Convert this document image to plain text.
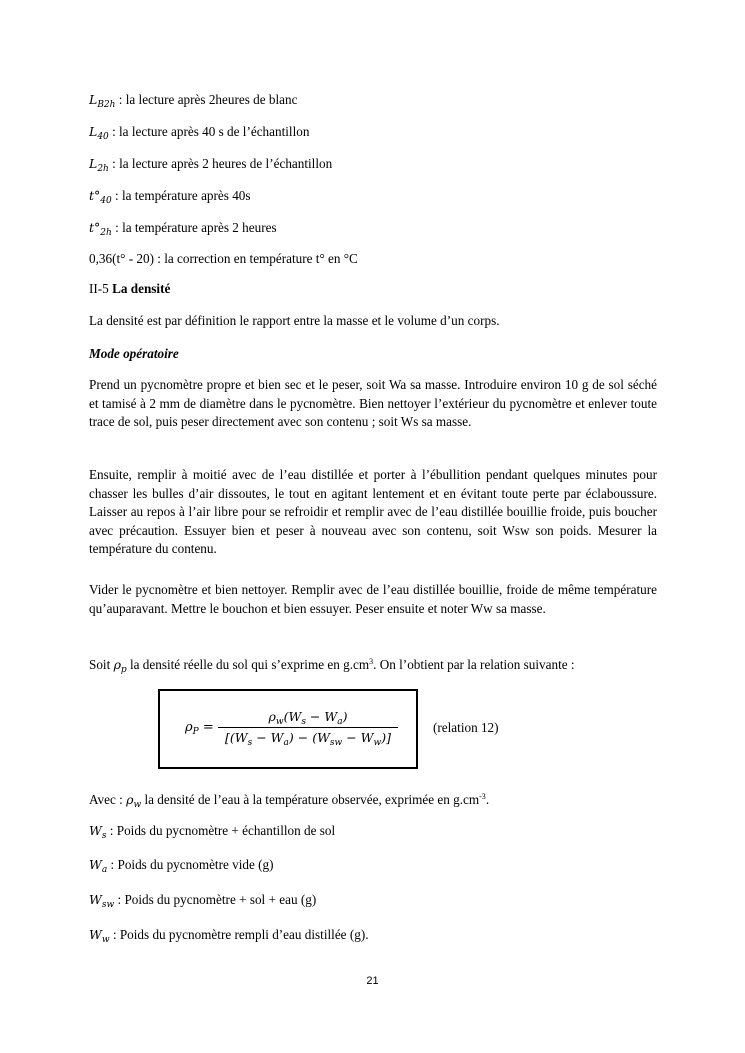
$L_{B2h}$ : la lecture après 2heures de blanc
$L_{40}$ : la lecture après 40 s de l’échantillon
$L_{2h}$ : la lecture après 2 heures de l’échantillon
$t^\circ_{40}$ : la température après 40s
$t^\circ_{2h}$ : la température après 2 heures
0,36(t° - 20) : la correction en température t° en °C
II-5 La densité
La densité est par définition le rapport entre la masse et le volume d’un corps.
Mode opératoire
Prend un pycnomètre propre et bien sec et le peser, soit Wa sa masse. Introduire environ 10 g de sol séché et tamisé à 2 mm de diamètre dans le pycnomètre. Bien nettoyer l’extérieur du pycnomètre et enlever toute trace de sol, puis peser directement avec son contenu ; soit Ws sa masse.
Ensuite, remplir à moitié avec de l’eau distillée et porter à l’ébullition pendant quelques minutes pour chasser les bulles d’air dissoutes, le tout en agitant lentement et en évitant toute perte par éclaboussure. Laisser au repos à l’air libre pour se refroidir et remplir avec de l’eau distillée bouillie froide, puis boucher avec précaution. Essuyer bien et peser à nouveau avec son contenu, soit Wsw son poids. Mesurer la température du contenu.
Vider le pycnomètre et bien nettoyer. Remplir avec de l’eau distillée bouillie, froide de même température qu’auparavant. Mettre le bouchon et bien essuyer. Peser ensuite et noter Ww sa masse.
Soit $\rho_p$ la densité réelle du sol qui s’exprime en $g.cm^3$. On l’obtient par la relation suivante :
$\rho_P$ =
$\rho_w(W_s - W_a)$
$[(W_s - W_a) - (W_{sw} - W_w)]$
(relation 12)
Avec : $\rho_w$ la densité de l’eau à la température observée, exprimée en $g.cm^{-3}$.
$W_s$ : Poids du pycnomètre + échantillon de sol
$W_a$ : Poids du pycnomètre vide (g)
$W_{sw}$ : Poids du pycnomètre + sol + eau (g)
$W_w$ : Poids du pycnomètre rempli d’eau distillée (g).
21
